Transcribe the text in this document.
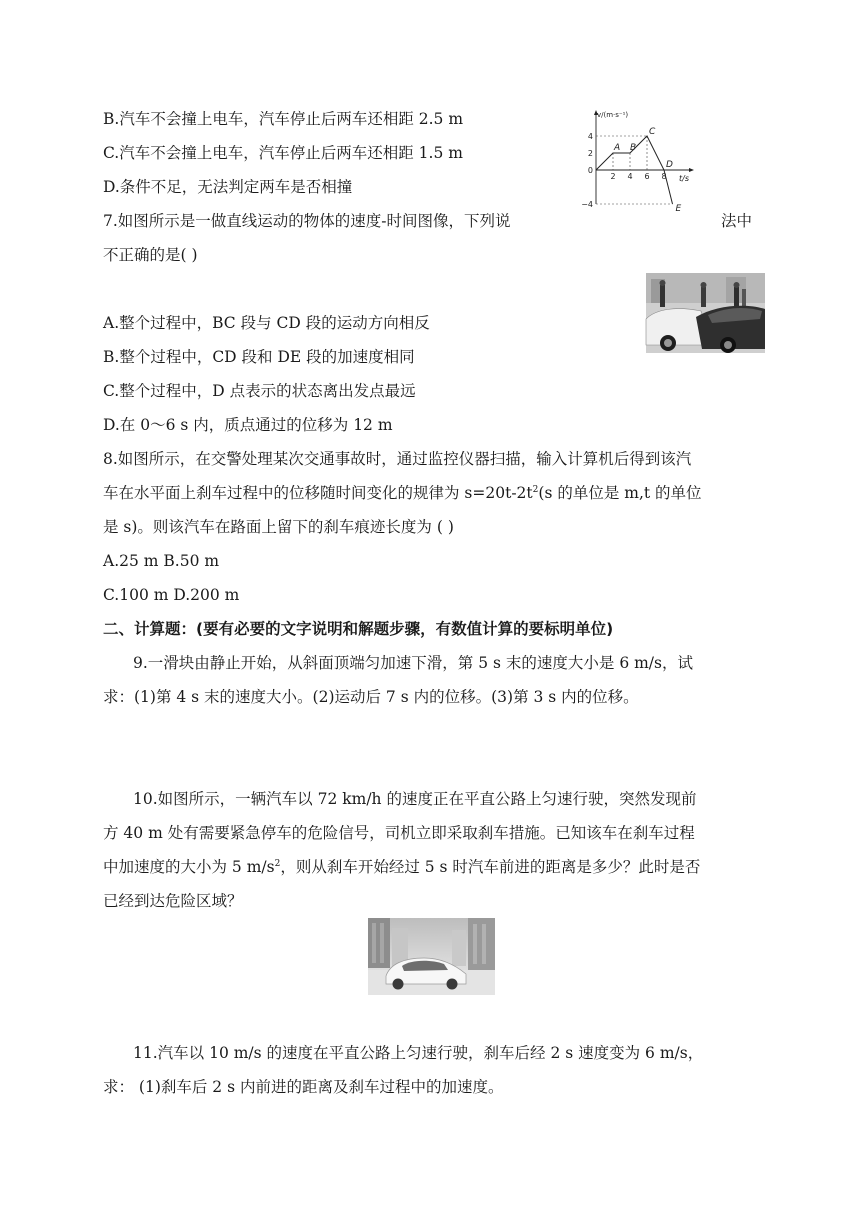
B.汽车不会撞上电车，汽车停止后两车还相距 2.5 m
C.汽车不会撞上电车，汽车停止后两车还相距 1.5 m
D.条件不足，无法判定两车是否相撞
7.如图所示是一做直线运动的物体的速度-时间图像，下列说	法中
不正确的是( )
A.整个过程中，BC 段与 CD 段的运动方向相反
B.整个过程中，CD 段和 DE 段的加速度相同
C.整个过程中，D 点表示的状态离出发点最远
D.在 0～6 s 内，质点通过的位移为 12 m
8.如图所示，在交警处理某次交通事故时，通过监控仪器扫描，输入计算机后得到该汽
车在水平面上刹车过程中的位移随时间变化的规律为 $s=20t-2t^2(s$ 的单位是 m,t 的单位
是 s)。则该汽车在路面上留下的刹车痕迹长度为 ( )
A.25 m B.50 m
C.100 m D.200 m
二、计算题：(要有必要的文字说明和解题步骤，有数值计算的要标明单位)
9.一滑块由静止开始，从斜面顶端匀加速下滑，第 5 s 末的速度大小是 6 m/s，试
求：(1)第 4 s 末的速度大小。(2)运动后 7 s 内的位移。(3)第 3 s 内的位移。
10.如图所示，一辆汽车以 72 km/h 的速度正在平直公路上匀速行驶，突然发现前
方 40 m 处有需要紧急停车的危险信号，司机立即采取刹车措施。已知该车在刹车过程
中加速度的大小为 5 $m/s^2$，则从刹车开始经过 5 s 时汽车前进的距离是多少？此时是否
已经到达危险区域？
11.汽车以 10 m/s 的速度在平直公路上匀速行驶，刹车后经 2 s 速度变为 6 m/s，
求： (1)刹车后 2 s 内前进的距离及刹车过程中的加速度。
2 4 6 8
4
2
0
−4
A B
C
D
E
v/(m·s⁻¹)
t/s
